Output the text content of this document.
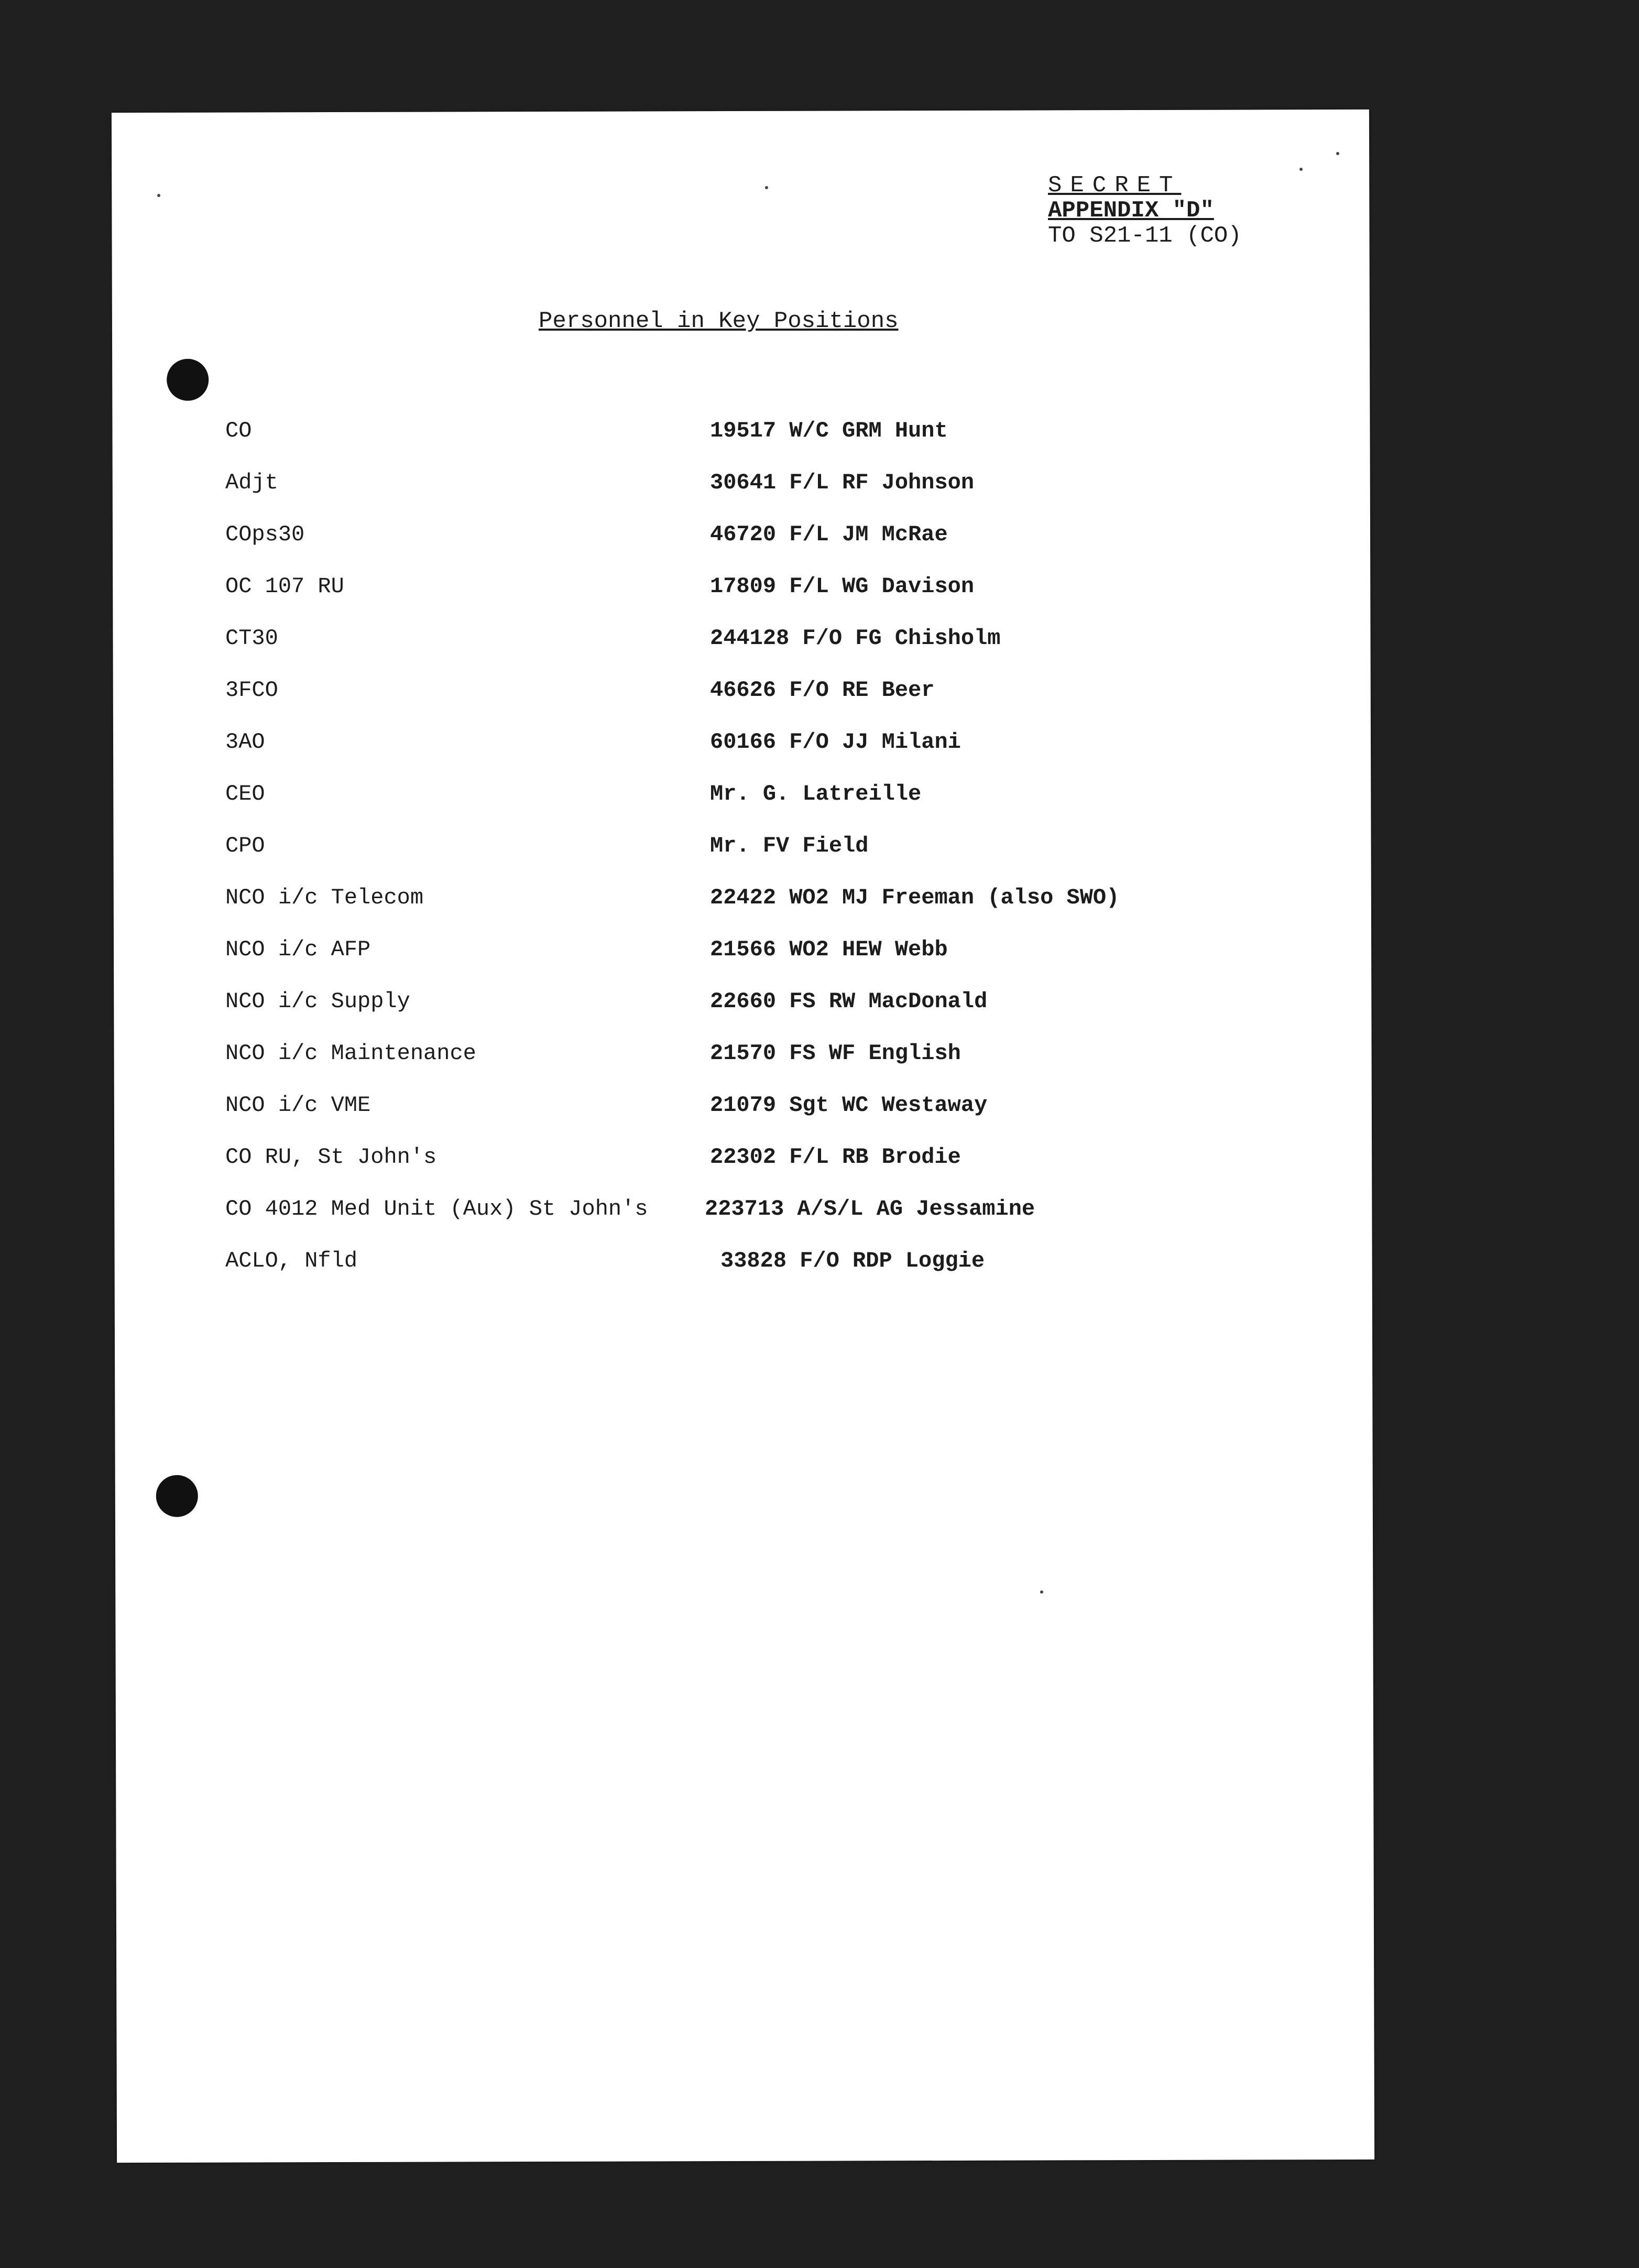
SECRET
APPENDIX "D"
TO S21-11 (CO)
Personnel in Key Positions
CO	19517 W/C GRM Hunt
Adjt	30641 F/L RF Johnson
COps30	46720 F/L JM McRae
OC 107 RU	17809 F/L WG Davison
CT30	244128 F/O FG Chisholm
3FCO	46626 F/O RE Beer
3AO	60166 F/O JJ Milani
CEO	Mr. G. Latreille
CPO	Mr. FV Field
NCO i/c Telecom	22422 WO2 MJ Freeman (also SWO)
NCO i/c AFP	21566 WO2 HEW Webb
NCO i/c Supply	22660 FS RW MacDonald
NCO i/c Maintenance	21570 FS WF English
NCO i/c VME	21079 Sgt WC Westaway
CO RU, St John's	22302 F/L RB Brodie
CO 4012 Med Unit (Aux) St John's	223713 A/S/L AG Jessamine
ACLO, Nfld	33828 F/O RDP Loggie
